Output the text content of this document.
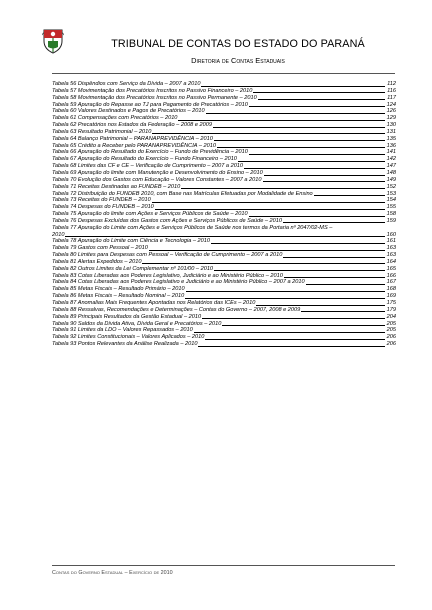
TRIBUNAL DE CONTAS DO ESTADO DO PARANÁ
Diretoria de Contas Estaduais
Tabela 56 Dispêndios com Serviço da Dívida – 2007 a 2010	112
Tabela 57 Movimentação dos Precatórios Inscritos no Passivo Financeiro – 2010	116
Tabela 58 Movimentação dos Precatórios Inscritos no Passivo Permanente – 2010	117
Tabela 59 Apuração do Repasse ao TJ para Pagamento de Precatórios – 2010	124
Tabela 60 Valores Destinados e Pagos de Precatórios – 2010	126
Tabela 61 Compensações com Precatórios – 2010	129
Tabela 62 Precatórios nos Estados da Federação – 2008 e 2009	130
Tabela 63 Resultado Patrimonial – 2010	131
Tabela 64 Balanço Patrimonial – PARANAPREVIDÊNCIA – 2010	135
Tabela 65 Crédito a Receber pelo PARANAPREVIDÊNCIA – 2010	136
Tabela 66 Apuração do Resultado do Exercício – Fundo de Previdência – 2010	141
Tabela 67 Apuração do Resultado do Exercício – Fundo Financeiro – 2010	142
Tabela 68 Limites das CF e CE – Verificação de Cumprimento – 2007 a 2010	147
Tabela 69 Apuração do limite com Manutenção e Desenvolvimento do Ensino – 2010	148
Tabela 70 Evolução dos Gastos com Educação – Valores Constantes – 2007 a 2010	149
Tabela 71 Receitas Destinadas ao FUNDEB – 2010	152
Tabela 72 Distribuição do FUNDEB 2010, com Base nas Matrículas Efetuadas por Modalidade de Ensino	153
Tabela 73 Receitas do FUNDEB – 2010	154
Tabela 74 Despesas do FUNDEB – 2010	155
Tabela 75 Apuração do limite com Ações e Serviços Públicos de Saúde – 2010	158
Tabela 76 Despesas Excluídas dos Gastos com Ações e Serviços Públicos de Saúde – 2010	159
Tabela 77 Apuração do Limite com Ações e Serviços Públicos de Saúde nos termos da Portaria nº 2047/02-MS –
2010	160
Tabela 78 Apuração do Limite com Ciência e Tecnologia – 2010	161
Tabela 79 Gastos com Pessoal – 2010	163
Tabela 80 Limites para Despesas com Pessoal – Verificação de Cumprimento – 2007 a 2010	163
Tabela 81 Alertas Expedidos – 2010	164
Tabela 82 Outros Limites da Lei Complementar nº 101/00 – 2010	165
Tabela 83 Cotas Liberadas aos Poderes Legislativo, Judiciário e ao Ministério Público – 2010	166
Tabela 84 Cotas Liberadas aos Poderes Legislativo e Judiciário e ao Ministério Público – 2007 a 2010	167
Tabela 85 Metas Fiscais – Resultado Primário – 2010	168
Tabela 86 Metas Fiscais – Resultado Nominal – 2010	169
Tabela 87 Anomalias Mais Frequentes Apontadas nos Relatórios das ICEs – 2010	175
Tabela 88 Ressalvas, Recomendações e Determinações – Contas do Governo – 2007, 2008 e 2009	179
Tabela 89 Principais Resultados da Gestão Estadual – 2010	204
Tabela 90 Saldos da Dívida Ativa, Dívida Geral e Precatórios – 2010	205
Tabela 91 Limites da LDO – Valores Repassados – 2010	205
Tabela 92 Limites Constitucionais – Valores Aplicados – 2010	206
Tabela 93 Pontos Relevantes da Análise Realizada – 2010	206
Contas do Governo Estadual – Exercício de 2010
